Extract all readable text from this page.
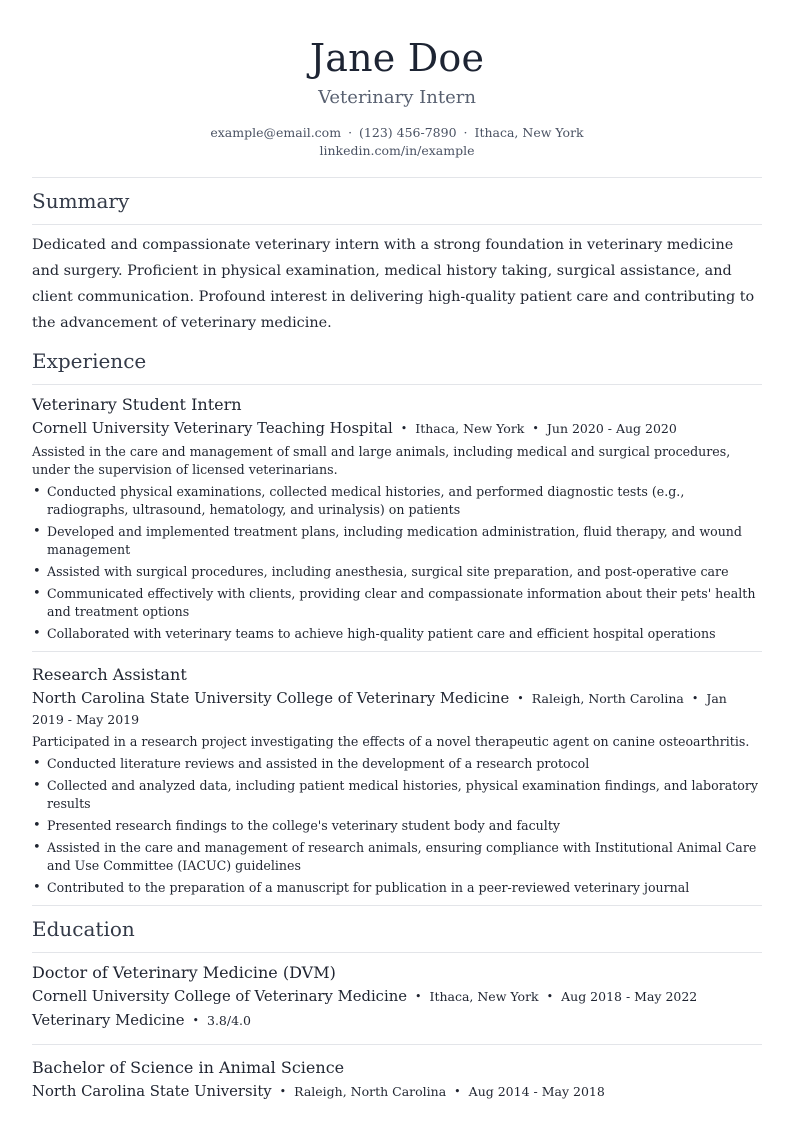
Jane Doe
Veterinary Intern
example@email.com · (123) 456-7890 · Ithaca, New York
linkedin.com/in/example
Summary
Dedicated and compassionate veterinary intern with a strong foundation in veterinary medicine and surgery. Proficient in physical examination, medical history taking, surgical assistance, and client communication. Profound interest in delivering high-quality patient care and contributing to the advancement of veterinary medicine.
Experience
Veterinary Student Intern
Cornell University Veterinary Teaching Hospital • Ithaca, New York • Jun 2020 - Aug 2020
Assisted in the care and management of small and large animals, including medical and surgical procedures, under the supervision of licensed veterinarians.
• Conducted physical examinations, collected medical histories, and performed diagnostic tests (e.g., radiographs, ultrasound, hematology, and urinalysis) on patients
• Developed and implemented treatment plans, including medication administration, fluid therapy, and wound management
• Assisted with surgical procedures, including anesthesia, surgical site preparation, and post-operative care
• Communicated effectively with clients, providing clear and compassionate information about their pets' health and treatment options
• Collaborated with veterinary teams to achieve high-quality patient care and efficient hospital operations
Research Assistant
North Carolina State University College of Veterinary Medicine • Raleigh, North Carolina • Jan 2019 - May 2019
Participated in a research project investigating the effects of a novel therapeutic agent on canine osteoarthritis.
• Conducted literature reviews and assisted in the development of a research protocol
• Collected and analyzed data, including patient medical histories, physical examination findings, and laboratory results
• Presented research findings to the college's veterinary student body and faculty
• Assisted in the care and management of research animals, ensuring compliance with Institutional Animal Care and Use Committee (IACUC) guidelines
• Contributed to the preparation of a manuscript for publication in a peer-reviewed veterinary journal
Education
Doctor of Veterinary Medicine (DVM)
Cornell University College of Veterinary Medicine • Ithaca, New York • Aug 2018 - May 2022
Veterinary Medicine • 3.8/4.0
Bachelor of Science in Animal Science
North Carolina State University • Raleigh, North Carolina • Aug 2014 - May 2018
